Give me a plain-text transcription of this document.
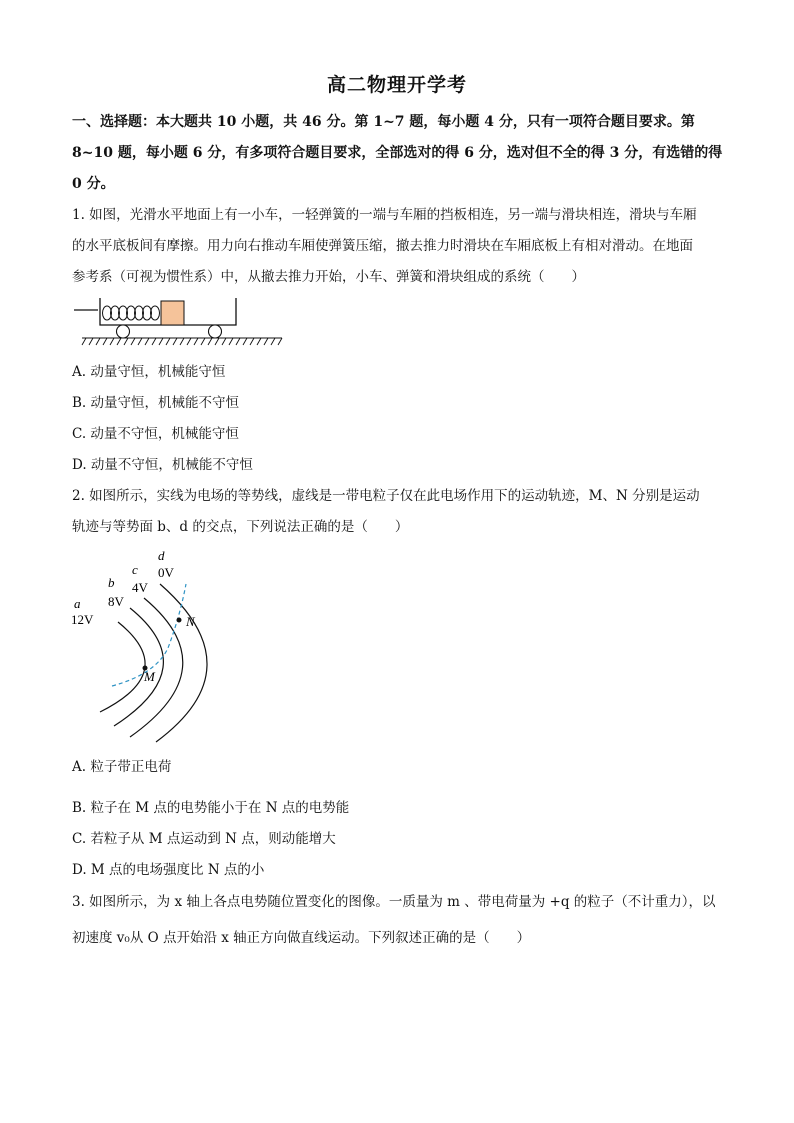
高二物理开学考
一、选择题：本大题共 10 小题，共 46 分。第 1~7 题，每小题 4 分，只有一项符合题目要求。第 8~10 题，每小题 6 分，有多项符合题目要求，全部选对的得 6 分，选对但不全的得 3 分，有选错的得 0 分。
1. 如图，光滑水平地面上有一小车，一轻弹簧的一端与车厢的挡板相连，另一端与滑块相连，滑块与车厢
的水平底板间有摩擦。用力向右推动车厢使弹簧压缩，撤去推力时滑块在车厢底板上有相对滑动。在地面
参考系（可视为惯性系）中，从撤去推力开始，小车、弹簧和滑块组成的系统（　　）
A. 动量守恒，机械能守恒
B. 动量守恒，机械能不守恒
C. 动量不守恒，机械能守恒
D. 动量不守恒，机械能不守恒
2. 如图所示，实线为电场的等势线，虚线是一带电粒子仅在此电场作用下的运动轨迹，M、N 分别是运动
轨迹与等势面 b、d 的交点，下列说法正确的是（　　）
a
12V
b
8V
c
4V
d
0V
M
N
A. 粒子带正电荷
B. 粒子在 M 点的电势能小于在 N 点的电势能
C. 若粒子从 M 点运动到 N 点，则动能增大
D. M 点的电场强度比 N 点的小
3. 如图所示，为 x 轴上各点电势随位置变化的图像。一质量为 m 、带电荷量为 +q 的粒子（不计重力），以
初速度 v₀从 O 点开始沿 x 轴正方向做直线运动。下列叙述正确的是（　　）
